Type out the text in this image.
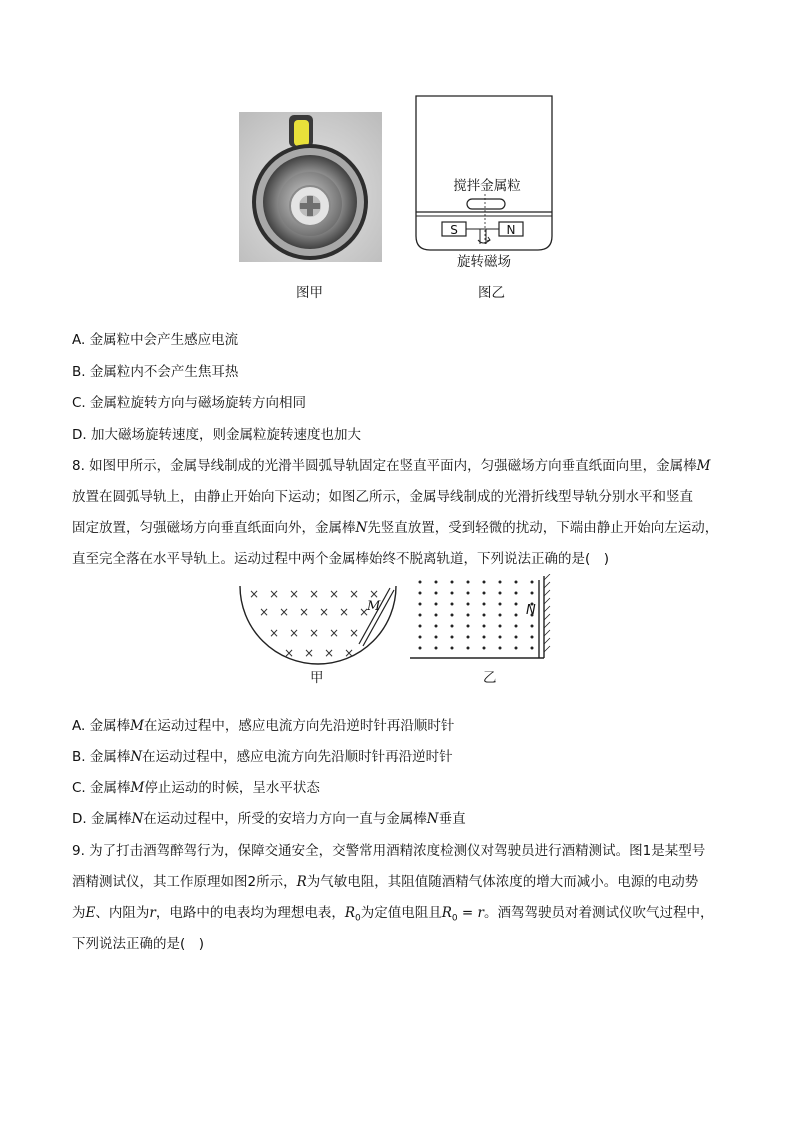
搅拌金属粒
S	N
旋转磁场
图甲	图乙
A. 金属粒中会产生感应电流
B. 金属粒内不会产生焦耳热
C. 金属粒旋转方向与磁场旋转方向相同
D. 加大磁场旋转速度，则金属粒旋转速度也加大
8. 如图甲所示，金属导线制成的光滑半圆弧导轨固定在竖直平面内，匀强磁场方向垂直纸面向里，金属棒M
放置在圆弧导轨上，由静止开始向下运动；如图乙所示，金属导线制成的光滑折线型导轨分别水平和竖直
固定放置，匀强磁场方向垂直纸面向外，金属棒N先竖直放置，受到轻微的扰动，下端由静止开始向左运动，
直至完全落在水平导轨上。运动过程中两个金属棒始终不脱离轨道，下列说法正确的是(　)
× × × × × × ×
× × × × × ×
× × × × ×
× × × ×
M
甲
N
乙
A. 金属棒M在运动过程中，感应电流方向先沿逆时针再沿顺时针
B. 金属棒N在运动过程中，感应电流方向先沿顺时针再沿逆时针
C. 金属棒M停止运动的时候，呈水平状态
D. 金属棒N在运动过程中，所受的安培力方向一直与金属棒N垂直
9. 为了打击酒驾醉驾行为，保障交通安全，交警常用酒精浓度检测仪对驾驶员进行酒精测试。图1是某型号
酒精测试仪，其工作原理如图2所示，R为气敏电阻，其阻值随酒精气体浓度的增大而减小。电源的电动势
为E、内阻为r，电路中的电表均为理想电表，$R_0$为定值电阻且$R_0 = r$。酒驾驾驶员对着测试仪吹气过程中，
下列说法正确的是(　)
